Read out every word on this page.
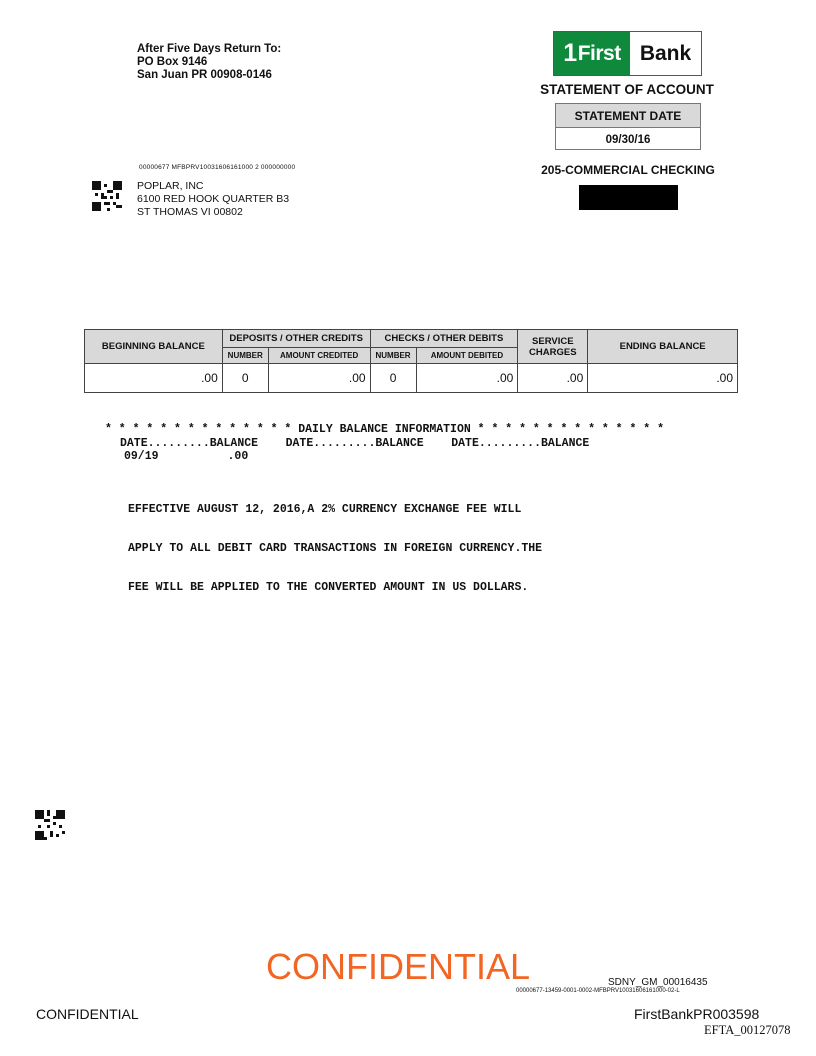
After Five Days Return To:
PO Box 9146
San Juan PR 00908-0146
1 First Bank
STATEMENT OF ACCOUNT
STATEMENT DATE
09/30/16
205-COMMERCIAL CHECKING
00000677 MFBPRV10031606161000 2 000000000
POPLAR, INC
6100 RED HOOK QUARTER B3
ST THOMAS VI 00802
BEGINNING BALANCE	DEPOSITS / OTHER CREDITS		CHECKS / OTHER DEBITS		SERVICE CHARGES	ENDING BALANCE
	NUMBER	AMOUNT CREDITED	NUMBER	AMOUNT DEBITED		
.00	0	.00	0	.00	.00	.00
* * * * * * * * * * * * * * DAILY BALANCE INFORMATION * * * * * * * * * * * * * *
DATE.........BALANCE    DATE.........BALANCE    DATE.........BALANCE
09/19          .00

EFFECTIVE AUGUST 12, 2016,A 2% CURRENCY EXCHANGE FEE WILL

APPLY TO ALL DEBIT CARD TRANSACTIONS IN FOREIGN CURRENCY.THE

FEE WILL BE APPLIED TO THE CONVERTED AMOUNT IN US DOLLARS.

CONFIDENTIAL	SDNY_GM_00016435
00000677-13459-0001-0002-MFBPRV10031606161000-02-L
CONFIDENTIAL	FirstBankPR003598
EFTA_00127078
